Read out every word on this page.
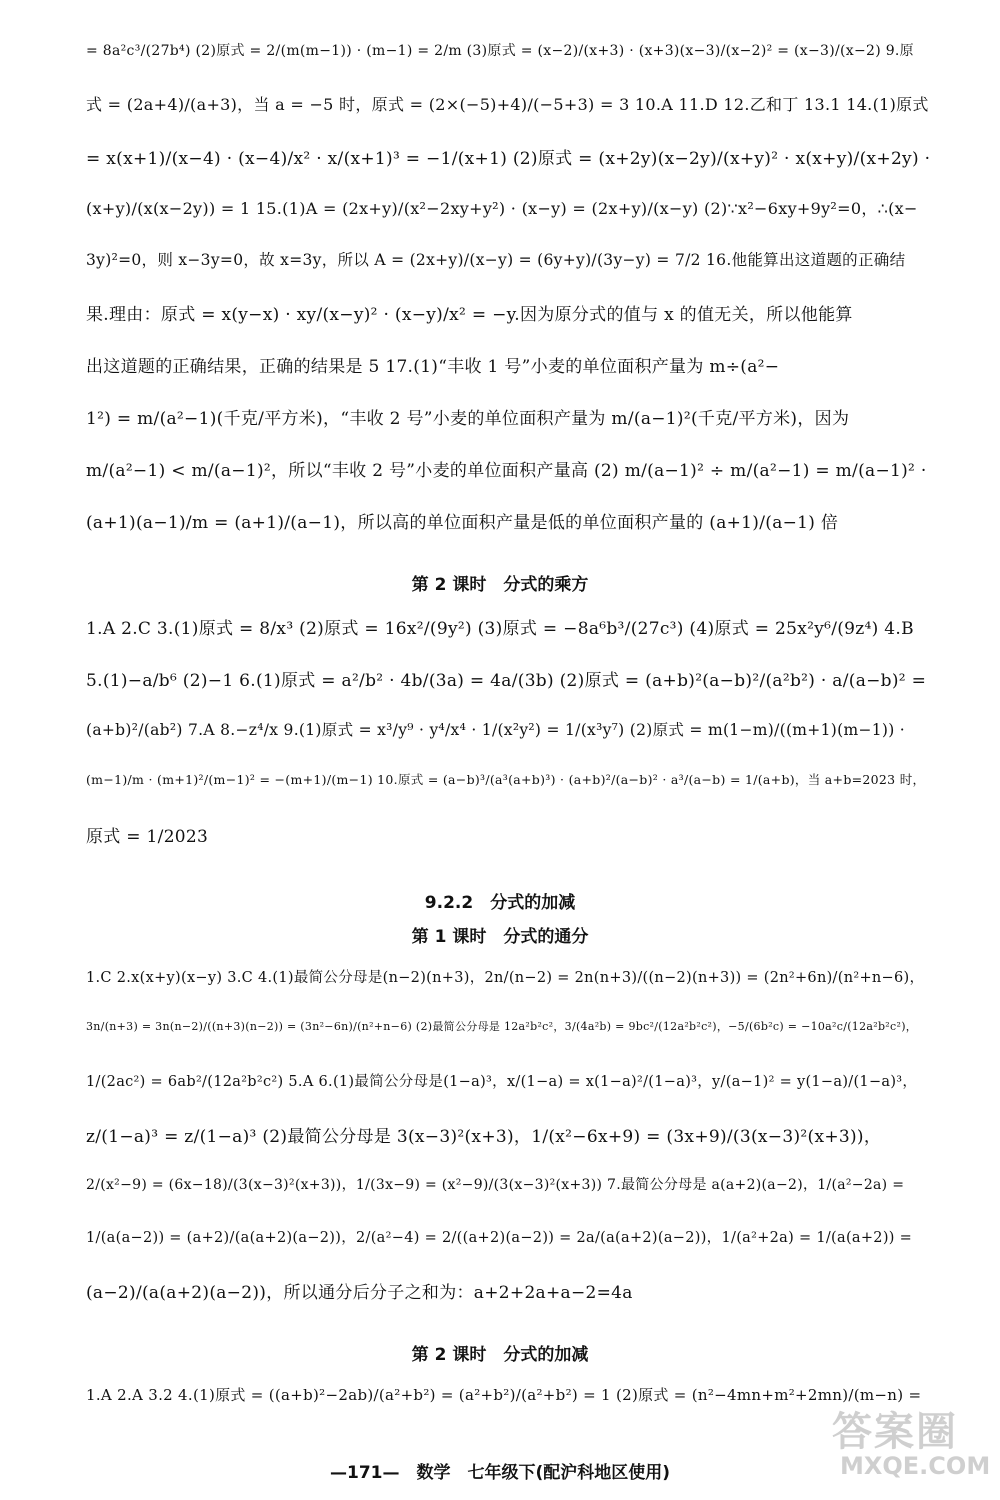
= 8a²c³/(27b⁴) (2)原式 = 2/(m(m−1)) · (m−1) = 2/m (3)原式 = (x−2)/(x+3) · (x+3)(x−3)/(x−2)² = (x−3)/(x−2) 9.原
式 = (2a+4)/(a+3)，当 a = −5 时，原式 = (2×(−5)+4)/(−5+3) = 3 10.A 11.D 12.乙和丁 13.1 14.(1)原式
= x(x+1)/(x−4) · (x−4)/x² · x/(x+1)³ = −1/(x+1) (2)原式 = (x+2y)(x−2y)/(x+y)² · x(x+y)/(x+2y) ·
(x+y)/(x(x−2y)) = 1 15.(1)A = (2x+y)/(x²−2xy+y²) · (x−y) = (2x+y)/(x−y) (2)∵x²−6xy+9y²=0，∴(x−
3y)²=0，则 x−3y=0，故 x=3y，所以 A = (2x+y)/(x−y) = (6y+y)/(3y−y) = 7/2 16.他能算出这道题的正确结
果.理由：原式 = x(y−x) · xy/(x−y)² · (x−y)/x² = −y.因为原分式的值与 x 的值无关，所以他能算
出这道题的正确结果，正确的结果是 5 17.(1)“丰收 1 号”小麦的单位面积产量为 m÷(a²−
1²) = m/(a²−1)(千克/平方米)，“丰收 2 号”小麦的单位面积产量为 m/(a−1)²(千克/平方米)，因为
m/(a²−1) < m/(a−1)²，所以“丰收 2 号”小麦的单位面积产量高 (2) m/(a−1)² ÷ m/(a²−1) = m/(a−1)² ·
(a+1)(a−1)/m = (a+1)/(a−1)，所以高的单位面积产量是低的单位面积产量的 (a+1)/(a−1) 倍
第 2 课时　分式的乘方
1.A 2.C 3.(1)原式 = 8/x³ (2)原式 = 16x²/(9y²) (3)原式 = −8a⁶b³/(27c³) (4)原式 = 25x²y⁶/(9z⁴) 4.B
5.(1)−a/b⁶ (2)−1 6.(1)原式 = a²/b² · 4b/(3a) = 4a/(3b) (2)原式 = (a+b)²(a−b)²/(a²b²) · a/(a−b)² =
(a+b)²/(ab²) 7.A 8.−z⁴/x 9.(1)原式 = x³/y⁹ · y⁴/x⁴ · 1/(x²y²) = 1/(x³y⁷) (2)原式 = m(1−m)/((m+1)(m−1)) ·
(m−1)/m · (m+1)²/(m−1)² = −(m+1)/(m−1) 10.原式 = (a−b)³/(a³(a+b)³) · (a+b)²/(a−b)² · a³/(a−b) = 1/(a+b)，当 a+b=2023 时，
原式 = 1/2023
9.2.2　分式的加减
第 1 课时　分式的通分
1.C 2.x(x+y)(x−y) 3.C 4.(1)最简公分母是(n−2)(n+3)，2n/(n−2) = 2n(n+3)/((n−2)(n+3)) = (2n²+6n)/(n²+n−6)，
3n/(n+3) = 3n(n−2)/((n+3)(n−2)) = (3n²−6n)/(n²+n−6) (2)最简公分母是 12a²b²c²，3/(4a²b) = 9bc²/(12a²b²c²)，−5/(6b²c) = −10a²c/(12a²b²c²)，
1/(2ac²) = 6ab²/(12a²b²c²) 5.A 6.(1)最简公分母是(1−a)³，x/(1−a) = x(1−a)²/(1−a)³，y/(a−1)² = y(1−a)/(1−a)³，
z/(1−a)³ = z/(1−a)³ (2)最简公分母是 3(x−3)²(x+3)，1/(x²−6x+9) = (3x+9)/(3(x−3)²(x+3))，
2/(x²−9) = (6x−18)/(3(x−3)²(x+3))，1/(3x−9) = (x²−9)/(3(x−3)²(x+3)) 7.最简公分母是 a(a+2)(a−2)，1/(a²−2a) =
1/(a(a−2)) = (a+2)/(a(a+2)(a−2))，2/(a²−4) = 2/((a+2)(a−2)) = 2a/(a(a+2)(a−2))，1/(a²+2a) = 1/(a(a+2)) =
(a−2)/(a(a+2)(a−2))，所以通分后分子之和为：a+2+2a+a−2=4a
第 2 课时　分式的加减
1.A 2.A 3.2 4.(1)原式 = ((a+b)²−2ab)/(a²+b²) = (a²+b²)/(a²+b²) = 1 (2)原式 = (n²−4mn+m²+2mn)/(m−n) =
—171—　数学　七年级下(配沪科地区使用)
答案圈
MXQE.COM
